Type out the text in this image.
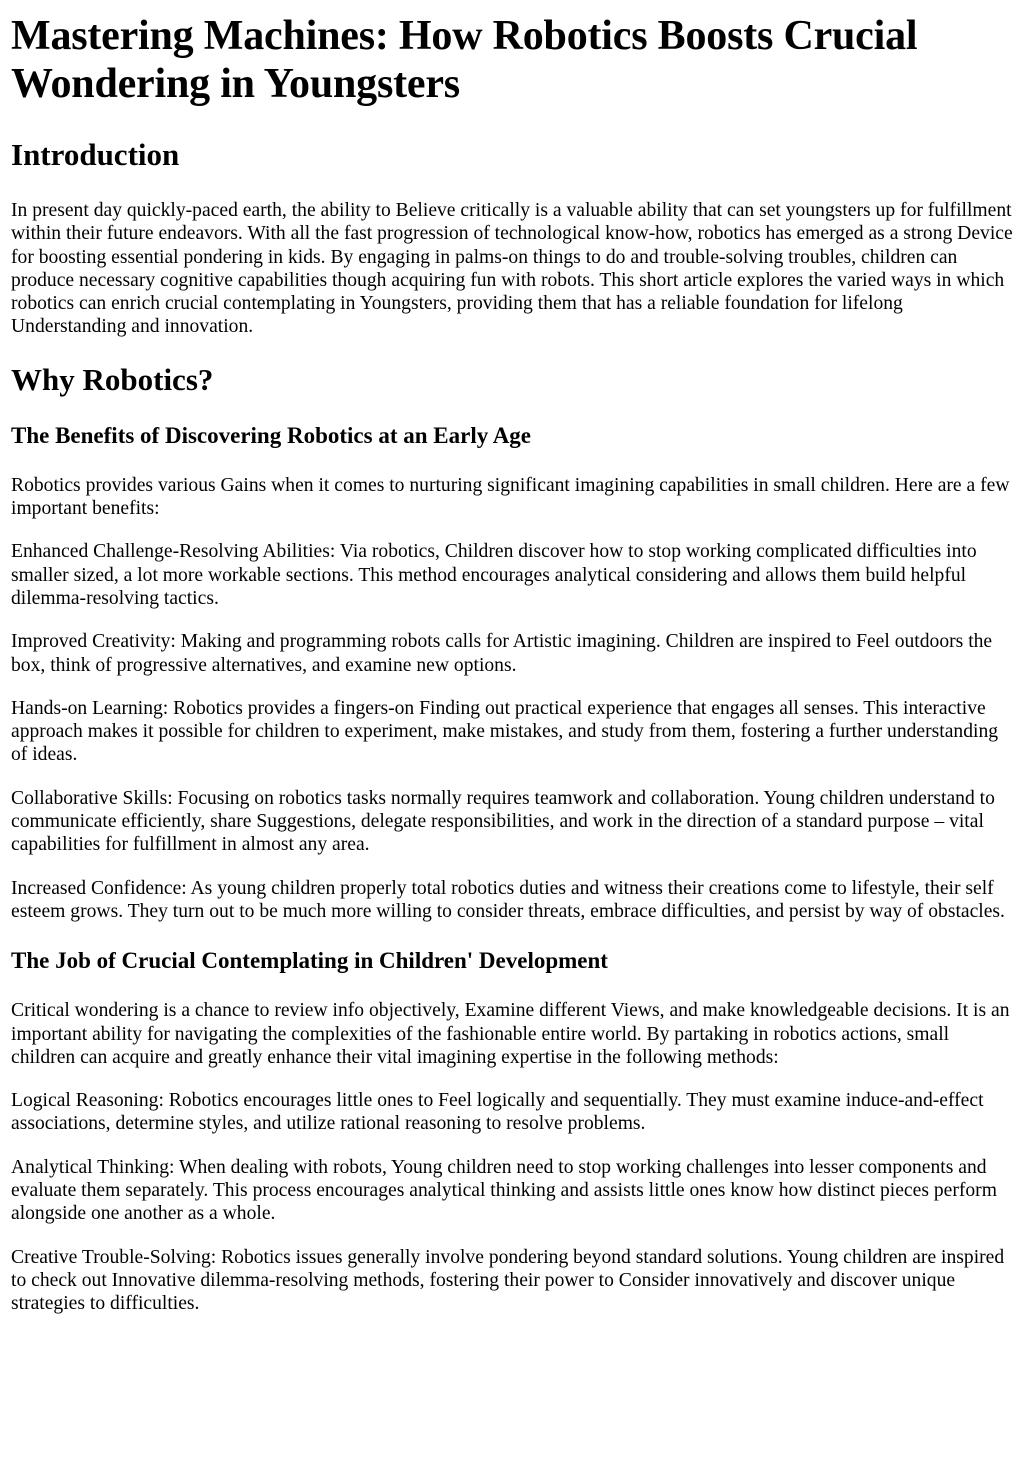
Mastering Machines: How Robotics Boosts Crucial Wondering in Youngsters
Introduction

In present day quickly-paced earth, the ability to Believe critically is a valuable ability that can set youngsters up for fulfillment within their future endeavors. With all the fast progression of technological know-how, robotics has emerged as a strong Device for boosting essential pondering in kids. By engaging in palms-on things to do and trouble-solving troubles, children can produce necessary cognitive capabilities though acquiring fun with robots. This short article explores the varied ways in which robotics can enrich crucial contemplating in Youngsters, providing them that has a reliable foundation for lifelong Understanding and innovation.

Why Robotics?
The Benefits of Discovering Robotics at an Early Age

Robotics provides various Gains when it comes to nurturing significant imagining capabilities in small children. Here are a few important benefits:

Enhanced Challenge-Resolving Abilities: Via robotics, Children discover how to stop working complicated difficulties into smaller sized, a lot more workable sections. This method encourages analytical considering and allows them build helpful dilemma-resolving tactics.

Improved Creativity: Making and programming robots calls for Artistic imagining. Children are inspired to Feel outdoors the box, think of progressive alternatives, and examine new options.

Hands-on Learning: Robotics provides a fingers-on Finding out practical experience that engages all senses. This interactive approach makes it possible for children to experiment, make mistakes, and study from them, fostering a further understanding of ideas.

Collaborative Skills: Focusing on robotics tasks normally requires teamwork and collaboration. Young children understand to communicate efficiently, share Suggestions, delegate responsibilities, and work in the direction of a standard purpose – vital capabilities for fulfillment in almost any area.

Increased Confidence: As young children properly total robotics duties and witness their creations come to lifestyle, their self esteem grows. They turn out to be much more willing to consider threats, embrace difficulties, and persist by way of obstacles.

The Job of Crucial Contemplating in Children' Development

Critical wondering is a chance to review info objectively, Examine different Views, and make knowledgeable decisions. It is an important ability for navigating the complexities of the fashionable entire world. By partaking in robotics actions, small children can acquire and greatly enhance their vital imagining expertise in the following methods:

Logical Reasoning: Robotics encourages little ones to Feel logically and sequentially. They must examine induce-and-effect associations, determine styles, and utilize rational reasoning to resolve problems.

Analytical Thinking: When dealing with robots, Young children need to stop working challenges into lesser components and evaluate them separately. This process encourages analytical thinking and assists little ones know how distinct pieces perform alongside one another as a whole.

Creative Trouble-Solving: Robotics issues generally involve pondering beyond standard solutions. Young children are inspired to check out Innovative dilemma-resolving methods, fostering their power to Consider innovatively and discover unique strategies to difficulties.
